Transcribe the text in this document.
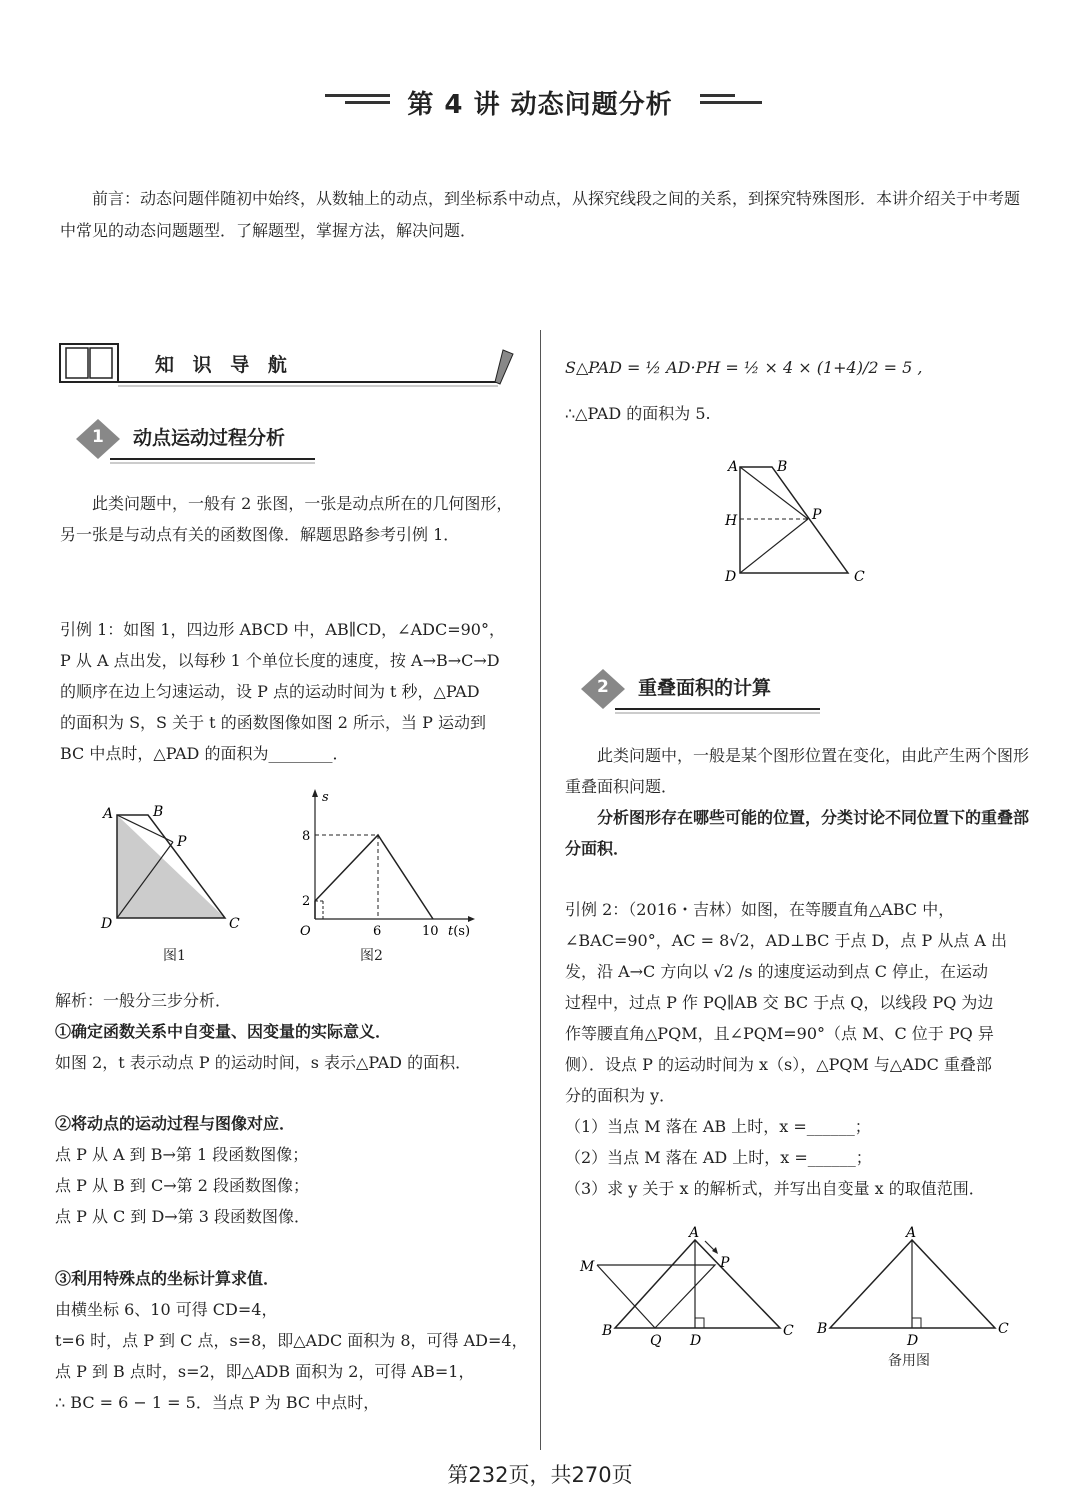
第 4 讲 动态问题分析
前言：动态问题伴随初中始终，从数轴上的动点，到坐标系中动点，从探究线段之间的关系，到探究特殊图形．本讲介绍关于中考题中常见的动态问题题型．了解题型，掌握方法，解决问题．
知 识 导 航
1 动点运动过程分析
此类问题中，一般有 2 张图，一张是动点所在的几何图形，另一张是与动点有关的函数图像．解题思路参考引例 1．

引例 1：如图 1，四边形 ABCD 中，AB∥CD，∠ADC=90°，

P 从 A 点出发，以每秒 1 个单位长度的速度，按 A→B→C→D

的顺序在边上匀速运动，设 P 点的运动时间为 t 秒，△PAD

的面积为 S，S 关于 t 的函数图像如图 2 所示，当 P 运动到

BC 中点时，△PAD 的面积为________．

A	B
P
D	C
图1
s
8
2
O	6	10 t(s)
图2

解析：一般分三步分析．

①确定函数关系中自变量、因变量的实际意义．

如图 2，t 表示动点 P 的运动时间，s 表示△PAD 的面积．

②将动点的运动过程与图像对应．

点 P 从 A 到 B→第 1 段函数图像；

点 P 从 B 到 C→第 2 段函数图像；

点 P 从 C 到 D→第 3 段函数图像．

③利用特殊点的坐标计算求值．

由横坐标 6、10 可得 CD=4，

t=6 时，点 P 到 C 点，s=8，即△ADC 面积为 8，可得 AD=4，

点 P 到 B 点时，s=2，即△ADB 面积为 2，可得 AB=1，

∴ BC = 6 − 1 = 5．当点 P 为 BC 中点时，

S△PAD = ½ AD·PH = ½ × 4 × (1+4)/2 = 5 ,
∴△PAD 的面积为 5.
A	B
H	P
D	C
2 重叠面积的计算
此类问题中，一般是某个图形位置在变化，由此产生两个图形重叠面积问题．
分析图形存在哪些可能的位置，分类讨论不同位置下的重叠部分面积．

引例 2：（2016・吉林）如图，在等腰直角△ABC 中，

∠BAC=90°，AC = 8√2，AD⊥BC 于点 D，点 P 从点 A 出

发，沿 A→C 方向以 √2 /s 的速度运动到点 C 停止，在运动

过程中，过点 P 作 PQ∥AB 交 BC 于点 Q，以线段 PQ 为边

作等腰直角△PQM，且∠PQM=90°（点 M、C 位于 PQ 异

侧）．设点 P 的运动时间为 x（s），△PQM 与△ADC 重叠部

分的面积为 y．

（1）当点 M 落在 AB 上时，x =______；

（2）当点 M 落在 AD 上时，x =______；

（3）求 y 关于 x 的解析式，并写出自变量 x 的取值范围．

A
P
M
B
Q D
C
A
B
D
C
备用图
第232页，共270页
